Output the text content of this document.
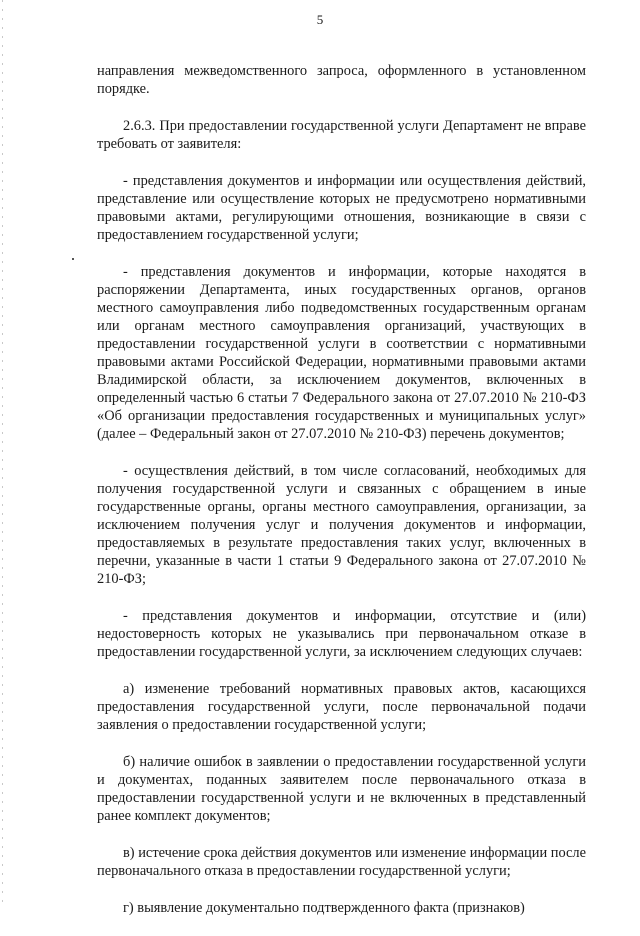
5

направления межведомственного запроса, оформленного в установленном порядке.

2.6.3. При предоставлении государственной услуги Департамент не вправе требовать от заявителя:

- представления документов и информации или осуществления действий, представление или осуществление которых не предусмотрено нормативными правовыми актами, регулирующими отношения, возникающие в связи с предоставлением государственной услуги;

- представления документов и информации, которые находятся в распоряжении Департамента, иных государственных органов, органов местного самоуправления либо подведомственных государственным органам или органам местного самоуправления организаций, участвующих в предоставлении государственной услуги в соответствии с нормативными правовыми актами Российской Федерации, нормативными правовыми актами Владимирской области, за исключением документов, включенных в определенный частью 6 статьи 7 Федерального закона от 27.07.2010 № 210-ФЗ «Об организации предоставления государственных и муниципальных услуг» (далее – Федеральный закон от 27.07.2010 № 210-ФЗ) перечень документов;

- осуществления действий, в том числе согласований, необходимых для получения государственной услуги и связанных с обращением в иные государственные органы, органы местного самоуправления, организации, за исключением получения услуг и получения документов и информации, предоставляемых в результате предоставления таких услуг, включенных в перечни, указанные в части 1 статьи 9 Федерального закона от 27.07.2010 № 210-ФЗ;

- представления документов и информации, отсутствие и (или) недостоверность которых не указывались при первоначальном отказе в предоставлении государственной услуги, за исключением следующих случаев:

а) изменение требований нормативных правовых актов, касающихся предоставления государственной услуги, после первоначальной подачи заявления о предоставлении государственной услуги;

б) наличие ошибок в заявлении о предоставлении государственной услуги и документах, поданных заявителем после первоначального отказа в предоставлении государственной услуги и не включенных в представленный ранее комплект документов;

в) истечение срока действия документов или изменение информации после первоначального отказа в предоставлении государственной услуги;

г) выявление документально подтвержденного факта (признаков)
